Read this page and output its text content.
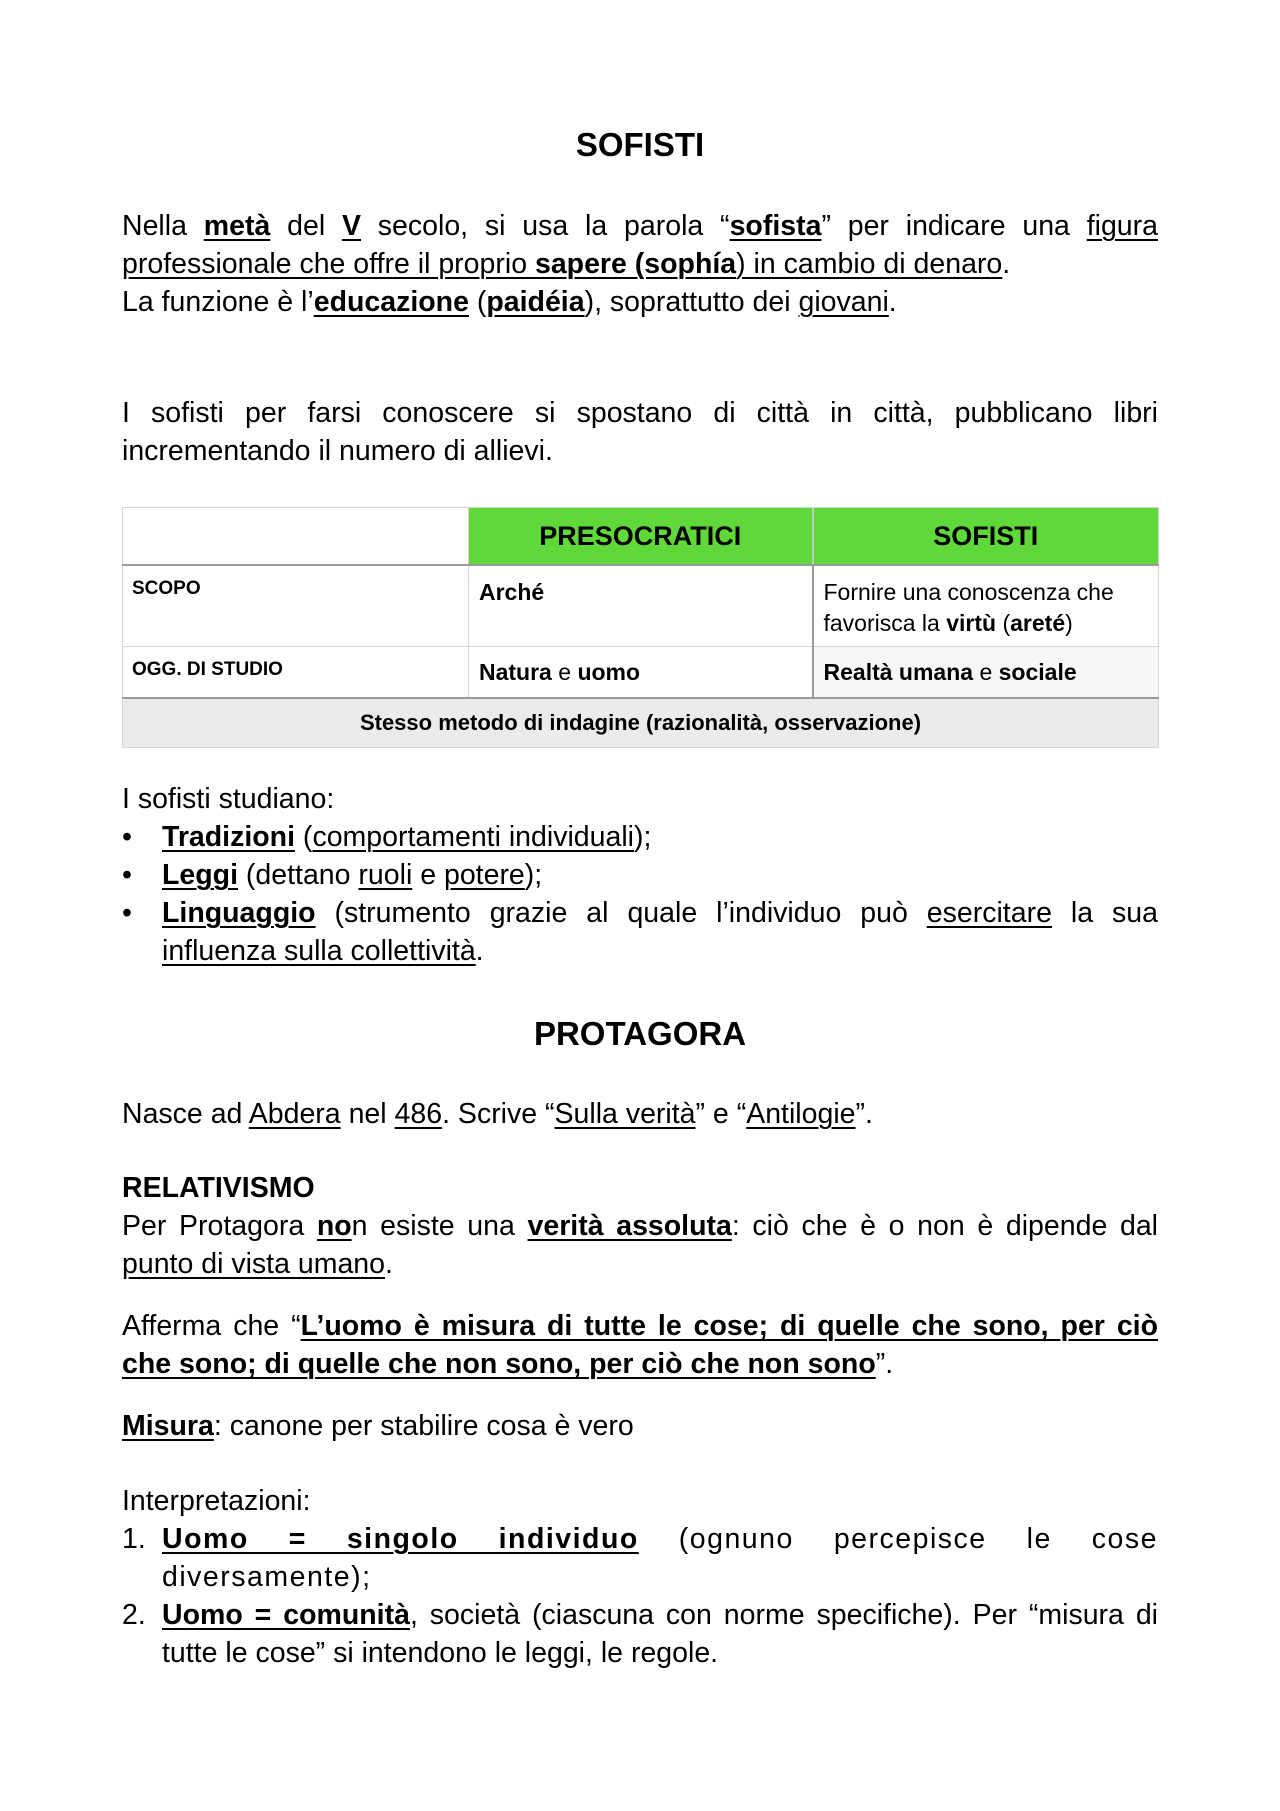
SOFISTI

Nella metà del V secolo, si usa la parola “sofista” per indicare una figura professionale che offre il proprio sapere (sophía) in cambio di denaro.

La funzione è l’educazione (paidéia), soprattutto dei giovani.

I sofisti per farsi conoscere si spostano di città in città, pubblicano libri incrementando il numero di allievi.

	PRESOCRATICI	SOFISTI
SCOPO	Arché	Fornire una conoscenza che favorisca la virtù (areté)
OGG. DI STUDIO	Natura e uomo	Realtà umana e sociale
Stesso metodo di indagine (razionalità, osservazione)		

I sofisti studiano:

•	Tradizioni (comportamenti individuali);
•	Leggi (dettano ruoli e potere);
•	Linguaggio (strumento grazie al quale l’individuo può esercitare la sua influenza sulla collettività.
PROTAGORA

Nasce ad Abdera nel 486. Scrive “Sulla verità” e “Antilogie”.

RELATIVISMO

Per Protagora non esiste una verità assoluta: ciò che è o non è dipende dal punto di vista umano.

Afferma che “L’uomo è misura di tutte le cose; di quelle che sono, per ciò che sono; di quelle che non sono, per ciò che non sono”.

Misura: canone per stabilire cosa è vero

Interpretazioni:

1. Uomo = singolo individuo (ognuno percepisce le cose diversamente);
2. Uomo = comunità, società (ciascuna con norme specifiche). Per “misura di tutte le cose” si intendono le leggi, le regole.
